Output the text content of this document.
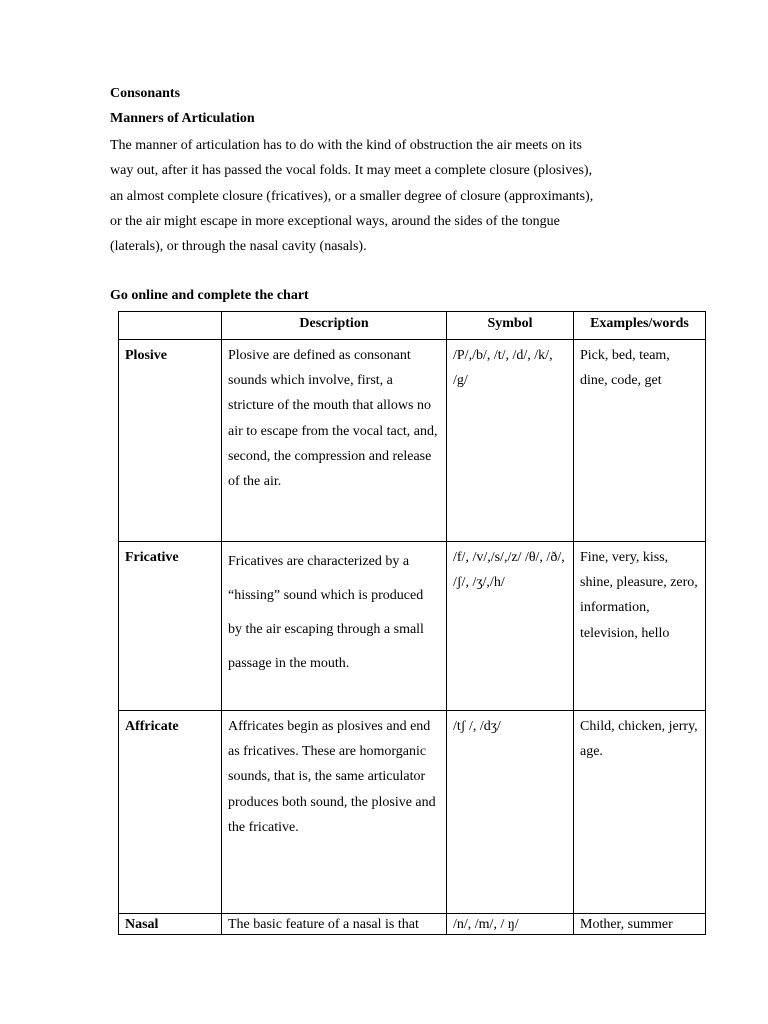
Consonants

Manners of Articulation

The manner of articulation has to do with the kind of obstruction the air meets on its
way out, after it has passed the vocal folds. It may meet a complete closure (plosives),
an almost complete closure (fricatives), or a smaller degree of closure (approximants),
or the air might escape in more exceptional ways, around the sides of the tongue
(laterals), or through the nasal cavity (nasals).

Go online and complete the chart

	Description	Symbol	Examples/words
Plosive	Plosive are defined as consonant sounds which involve, first, a stricture of the mouth that allows no air to escape from the vocal tact, and, second, the compression and release of the air.	/P/,/b/, /t/, /d/, /k/, /g/	Pick, bed, team, dine, code, get
Fricative	Fricatives are characterized by a “hissing” sound which is produced by the air escaping through a small passage in the mouth.	/f/, /v/,/s/,/z/ /θ/, /ð/, /ʃ/, /ʒ/,/h/	Fine, very, kiss, shine, pleasure, zero, information, television, hello
Affricate	Affricates begin as plosives and end as fricatives. These are homorganic sounds, that is, the same articulator produces both sound, the plosive and the fricative.	/tʃ /, /dʒ/	Child, chicken, jerry, age.
Nasal	The basic feature of a nasal is that	/n/, /m/, / ŋ/	Mother, summer
